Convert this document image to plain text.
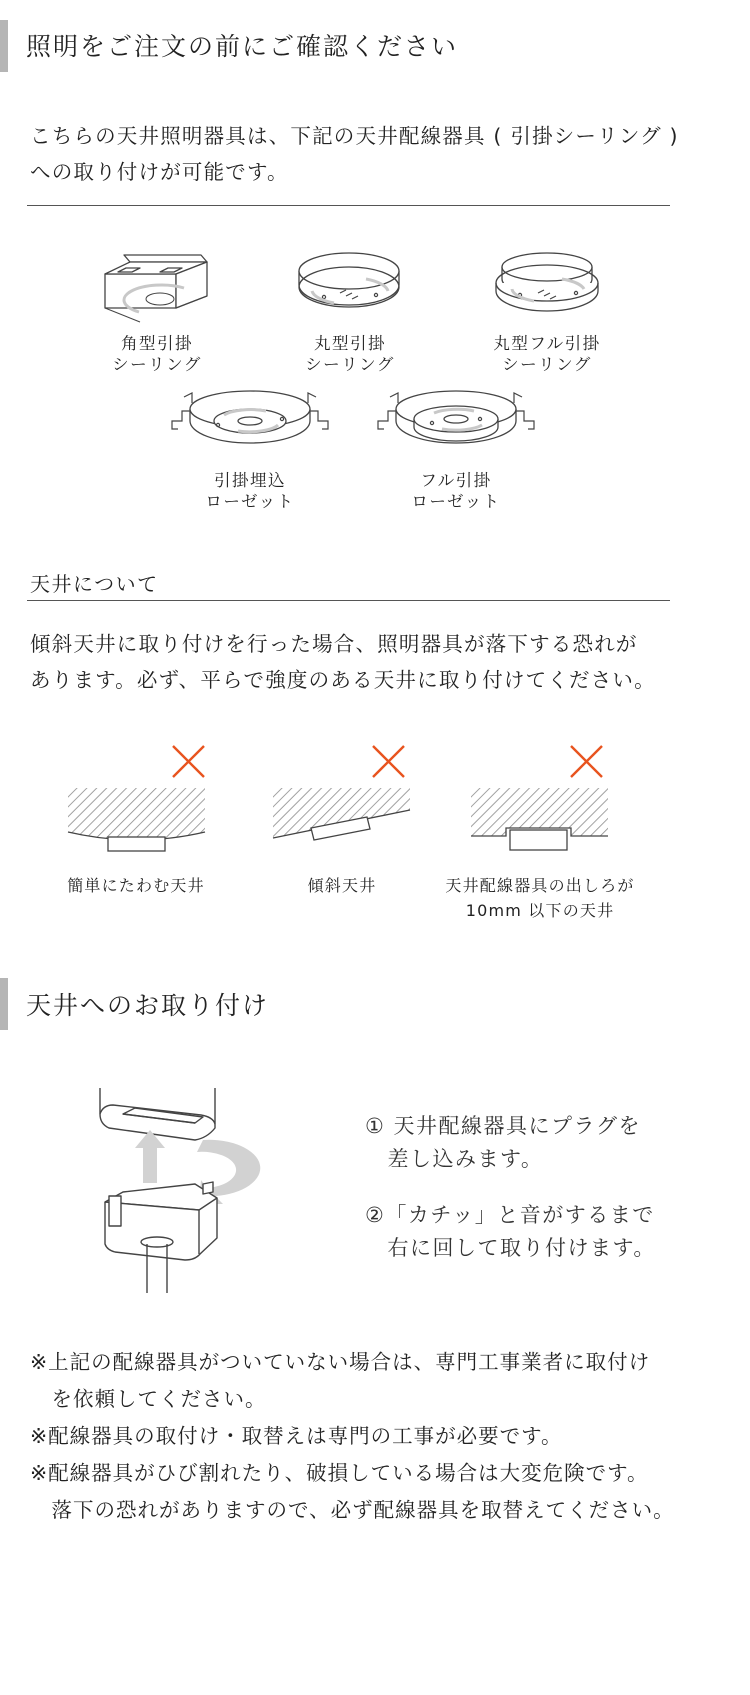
照明をご注文の前にご確認ください
こちらの天井照明器具は、下記の天井配線器具 ( 引掛シーリング )
への取り付けが可能です。
角型引掛
シーリング
丸型引掛
シーリング
丸型フル引掛
シーリング
引掛埋込
ローゼット
フル引掛
ローゼット
天井について
傾斜天井に取り付けを行った場合、照明器具が落下する恐れが
あります。必ず、平らで強度のある天井に取り付けてください。
簡単にたわむ天井	傾斜天井	天井配線器具の出しろが
10mm 以下の天井
天井へのお取り付け
① 天井配線器具にプラグを
　差し込みます。
②「カチッ」と音がするまで
　右に回して取り付けます。
※上記の配線器具がついていない場合は、専門工事業者に取付け
　を依頼してください。
※配線器具の取付け・取替えは専門の工事が必要です。
※配線器具がひび割れたり、破損している場合は大変危険です。
　落下の恐れがありますので、必ず配線器具を取替えてください。
